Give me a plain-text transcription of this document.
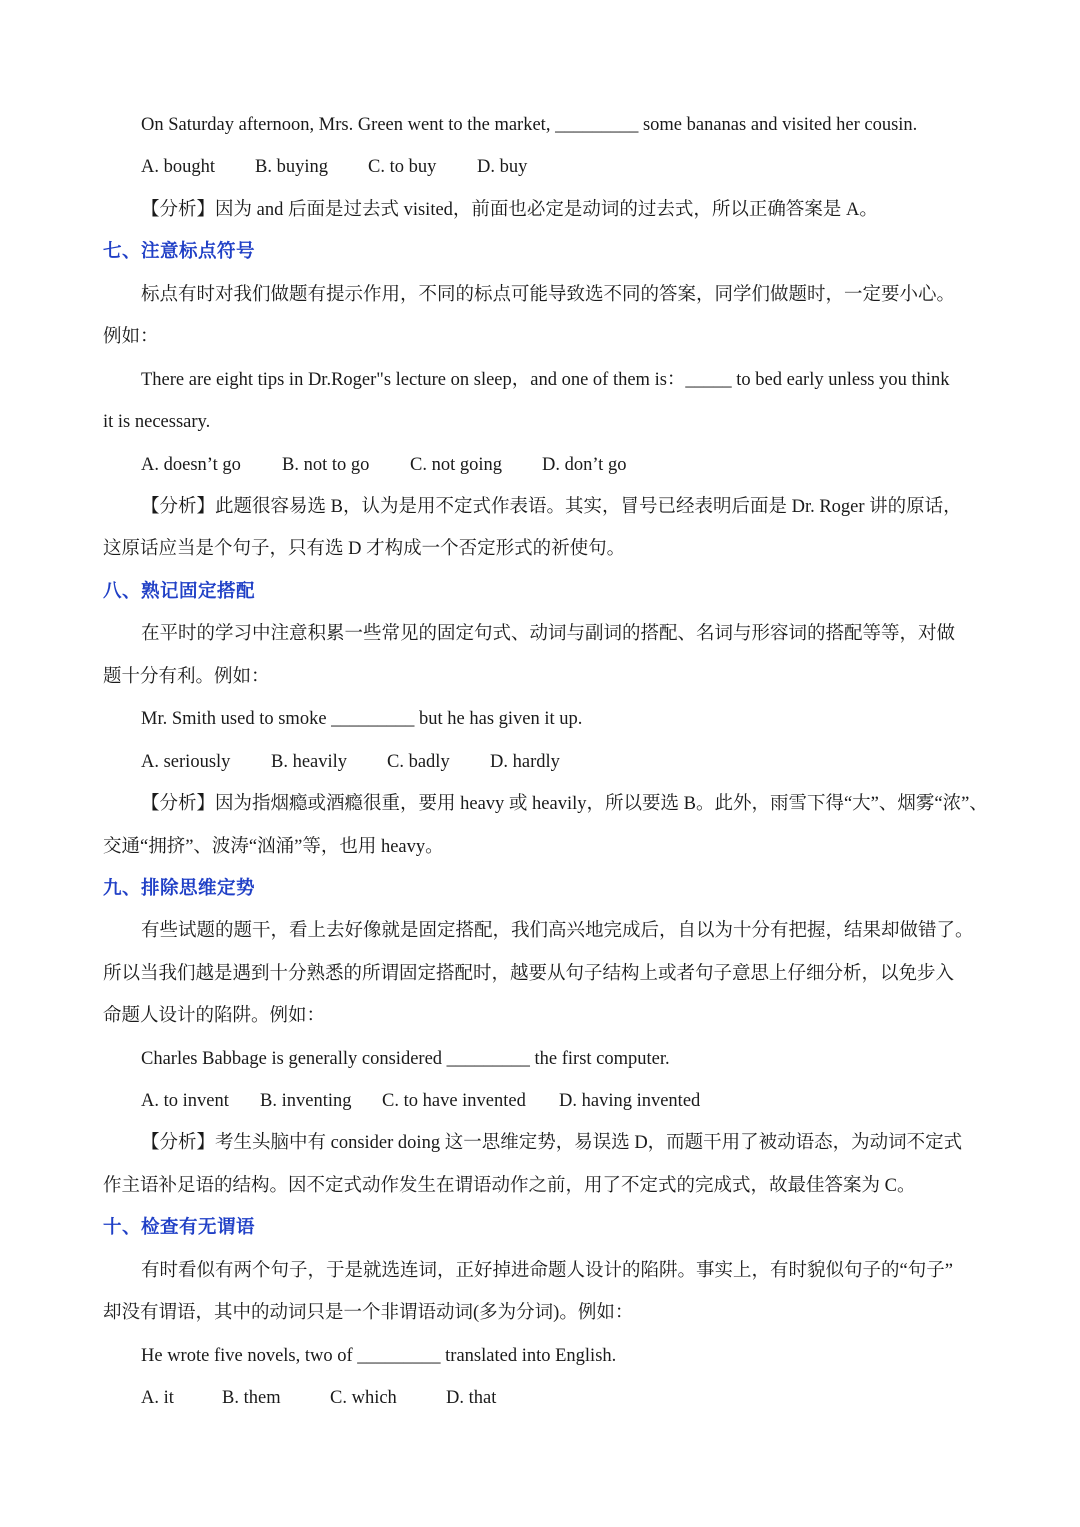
On Saturday afternoon, Mrs. Green went to the market, _________ some bananas and visited her cousin.
A. bought B. buying C. to buy D. buy
【分析】因为 and 后面是过去式 visited，前面也必定是动词的过去式，所以正确答案是 A。
七、注意标点符号
标点有时对我们做题有提示作用，不同的标点可能导致选不同的答案，同学们做题时，一定要小心。
例如：
There are eight tips in Dr.Roger"s lecture on sleep，and one of them is：_____ to bed early unless you think
it is necessary.
A. doesn’t go B. not to go C. not going D. don’t go
【分析】此题很容易选 B，认为是用不定式作表语。其实，冒号已经表明后面是 Dr. Roger 讲的原话，
这原话应当是个句子，只有选 D 才构成一个否定形式的祈使句。
八、熟记固定搭配
在平时的学习中注意积累一些常见的固定句式、动词与副词的搭配、名词与形容词的搭配等等，对做
题十分有利。例如：
Mr. Smith used to smoke _________ but he has given it up.
A. seriously B. heavily C. badly D. hardly
【分析】因为指烟瘾或酒瘾很重，要用 heavy 或 heavily，所以要选 B。此外，雨雪下得“大”、烟雾“浓”、
交通“拥挤”、波涛“汹涌”等，也用 heavy。
九、排除思维定势
有些试题的题干，看上去好像就是固定搭配，我们高兴地完成后，自以为十分有把握，结果却做错了。
所以当我们越是遇到十分熟悉的所谓固定搭配时，越要从句子结构上或者句子意思上仔细分析，以免步入
命题人设计的陷阱。例如：
Charles Babbage is generally considered _________ the first computer.
A. to invent B. inventing C. to have invented D. having invented
【分析】考生头脑中有 consider doing 这一思维定势，易误选 D，而题干用了被动语态，为动词不定式
作主语补足语的结构。因不定式动作发生在谓语动作之前，用了不定式的完成式，故最佳答案为 C。
十、检查有无谓语
有时看似有两个句子，于是就选连词，正好掉进命题人设计的陷阱。事实上，有时貌似句子的“句子”
却没有谓语，其中的动词只是一个非谓语动词(多为分词)。例如：
He wrote five novels, two of _________ translated into English.
A. it	B. them	C. which	D. that
